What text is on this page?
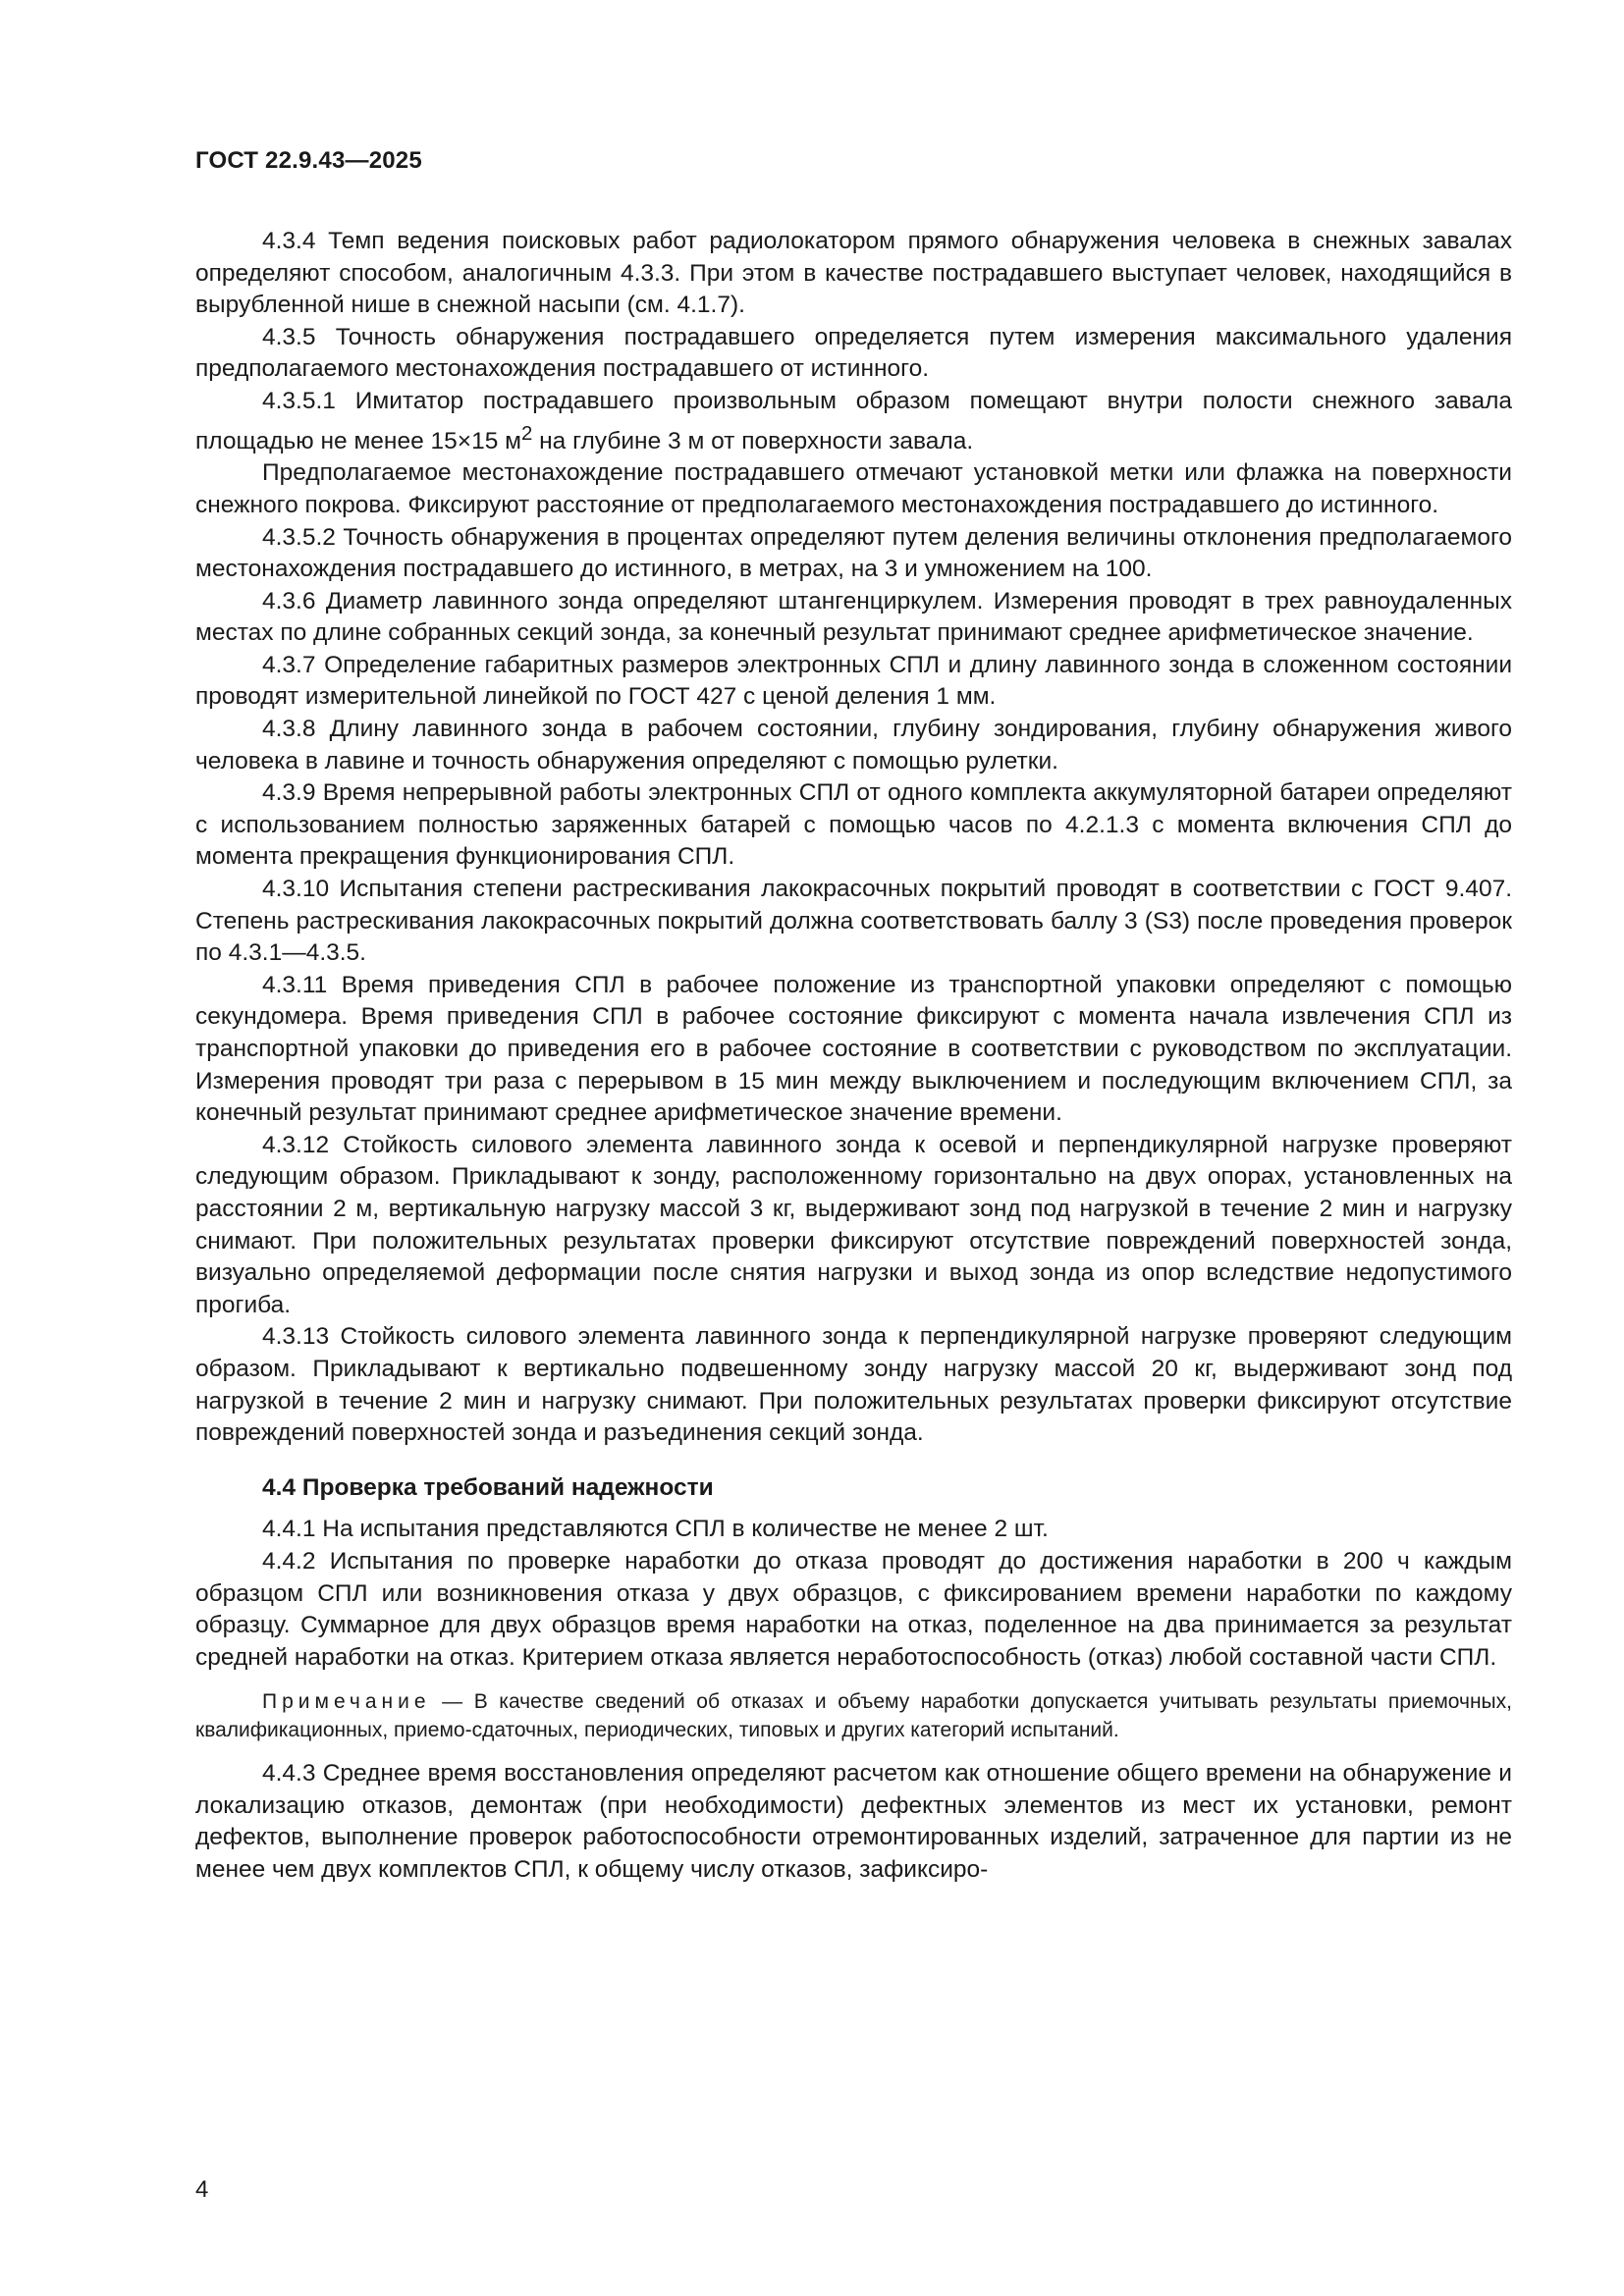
ГОСТ 22.9.43—2025

4.3.4 Темп ведения поисковых работ радиолокатором прямого обнаружения человека в снежных завалах определяют способом, аналогичным 4.3.3. При этом в качестве пострадавшего выступает человек, находящийся в вырубленной нише в снежной насыпи (см. 4.1.7).

4.3.5 Точность обнаружения пострадавшего определяется путем измерения максимального удаления предполагаемого местонахождения пострадавшего от истинного.

4.3.5.1 Имитатор пострадавшего произвольным образом помещают внутри полости снежного завала площадью не менее 15×15 $м^2$ на глубине 3 м от поверхности завала.

Предполагаемое местонахождение пострадавшего отмечают установкой метки или флажка на поверхности снежного покрова. Фиксируют расстояние от предполагаемого местонахождения пострадавшего до истинного.

4.3.5.2 Точность обнаружения в процентах определяют путем деления величины отклонения предполагаемого местонахождения пострадавшего до истинного, в метрах, на 3 и умножением на 100.

4.3.6 Диаметр лавинного зонда определяют штангенциркулем. Измерения проводят в трех равноудаленных местах по длине собранных секций зонда, за конечный результат принимают среднее арифметическое значение.

4.3.7 Определение габаритных размеров электронных СПЛ и длину лавинного зонда в сложенном состоянии проводят измерительной линейкой по ГОСТ 427 с ценой деления 1 мм.

4.3.8 Длину лавинного зонда в рабочем состоянии, глубину зондирования, глубину обнаружения живого человека в лавине и точность обнаружения определяют с помощью рулетки.

4.3.9 Время непрерывной работы электронных СПЛ от одного комплекта аккумуляторной батареи определяют с использованием полностью заряженных батарей с помощью часов по 4.2.1.3 с момента включения СПЛ до момента прекращения функционирования СПЛ.

4.3.10 Испытания степени растрескивания лакокрасочных покрытий проводят в соответствии с ГОСТ 9.407. Степень растрескивания лакокрасочных покрытий должна соответствовать баллу 3 (S3) после проведения проверок по 4.3.1—4.3.5.

4.3.11 Время приведения СПЛ в рабочее положение из транспортной упаковки определяют с помощью секундомера. Время приведения СПЛ в рабочее состояние фиксируют с момента начала извлечения СПЛ из транспортной упаковки до приведения его в рабочее состояние в соответствии с руководством по эксплуатации. Измерения проводят три раза с перерывом в 15 мин между выключением и последующим включением СПЛ, за конечный результат принимают среднее арифметическое значение времени.

4.3.12 Стойкость силового элемента лавинного зонда к осевой и перпендикулярной нагрузке проверяют следующим образом. Прикладывают к зонду, расположенному горизонтально на двух опорах, установленных на расстоянии 2 м, вертикальную нагрузку массой 3 кг, выдерживают зонд под нагрузкой в течение 2 мин и нагрузку снимают. При положительных результатах проверки фиксируют отсутствие повреждений поверхностей зонда, визуально определяемой деформации после снятия нагрузки и выход зонда из опор вследствие недопустимого прогиба.

4.3.13 Стойкость силового элемента лавинного зонда к перпендикулярной нагрузке проверяют следующим образом. Прикладывают к вертикально подвешенному зонду нагрузку массой 20 кг, выдерживают зонд под нагрузкой в течение 2 мин и нагрузку снимают. При положительных результатах проверки фиксируют отсутствие повреждений поверхностей зонда и разъединения секций зонда.

4.4 Проверка требований надежности

4.4.1 На испытания представляются СПЛ в количестве не менее 2 шт.

4.4.2 Испытания по проверке наработки до отказа проводят до достижения наработки в 200 ч каждым образцом СПЛ или возникновения отказа у двух образцов, с фиксированием времени наработки по каждому образцу. Суммарное для двух образцов время наработки на отказ, поделенное на два принимается за результат средней наработки на отказ. Критерием отказа является неработоспособность (отказ) любой составной части СПЛ.

Примечание — В качестве сведений об отказах и объему наработки допускается учитывать результаты приемочных, квалификационных, приемо-сдаточных, периодических, типовых и других категорий испытаний.

4.4.3 Среднее время восстановления определяют расчетом как отношение общего времени на обнаружение и локализацию отказов, демонтаж (при необходимости) дефектных элементов из мест их установки, ремонт дефектов, выполнение проверок работоспособности отремонтированных изделий, затраченное для партии из не менее чем двух комплектов СПЛ, к общему числу отказов, зафиксиро-

4
